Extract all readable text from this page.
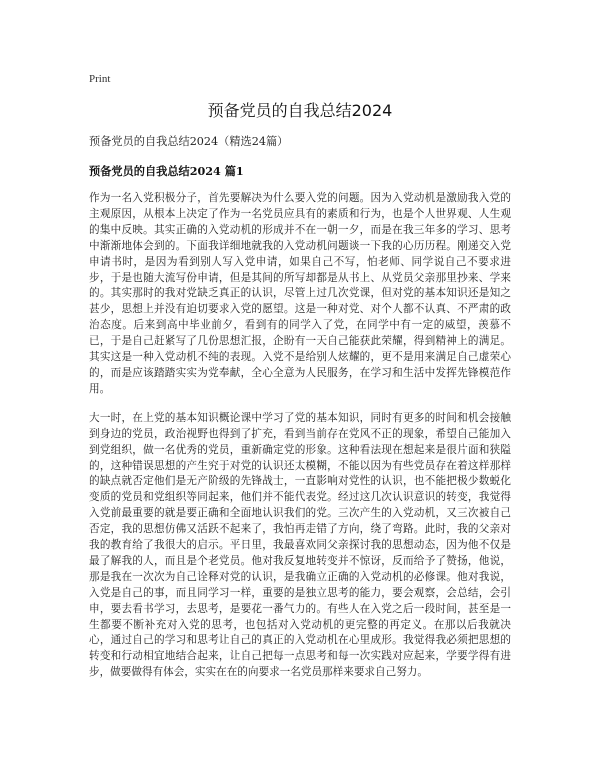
Print
预备党员的自我总结2024
预备党员的自我总结2024（精选24篇）
预备党员的自我总结2024 篇1

作为一名入党积极分子，首先要解决为什么要入党的问题。因为入党动机是激励我入党的主观原因，从根本上决定了作为一名党员应具有的素质和行为，也是个人世界观、人生观的集中反映。其实正确的入党动机的形成并不在一朝一夕，而是在我三年多的学习、思考中渐渐地体会到的。下面我详细地就我的入党动机问题谈一下我的心历历程。刚递交入党申请书时，是因为看到别人写入党申请，如果自己不写，怕老师、同学说自己不要求进步，于是也随大流写份申请，但是其间的所写却都是从书上、从党员父亲那里抄来、学来的。其实那时的我对党缺乏真正的认识，尽管上过几次党课，但对党的基本知识还是知之甚少，思想上并没有迫切要求入党的愿望。这是一种对党、对个人都不认真、不严肃的政治态度。后来到高中毕业前夕，看到有的同学入了党，在同学中有一定的威望，羡慕不已，于是自己赶紧写了几份思想汇报，企盼有一天自己能获此荣耀，得到精神上的满足。其实这是一种入党动机不纯的表现。入党不是给别人炫耀的，更不是用来满足自己虚荣心的，而是应该踏踏实实为党奉献，全心全意为人民服务，在学习和生活中发挥先锋模范作用。

大一时，在上党的基本知识概论课中学习了党的基本知识，同时有更多的时间和机会接触到身边的党员，政治视野也得到了扩充，看到当前存在党风不正的现象，希望自己能加入到党组织，做一名优秀的党员，重新确定党的形象。这种看法现在想起来是很片面和狭隘的，这种错误思想的产生究于对党的认识还太模糊，不能以因为有些党员存在着这样那样的缺点就否定他们是无产阶级的先锋战士，一直影响对党性的认识，也不能把极少数蜕化变质的党员和党组织等同起来，他们并不能代表党。经过这几次认识意识的转变，我觉得入党前最重要的就是要正确和全面地认识我们的党。三次产生的入党动机，又三次被自己否定，我的思想仿佛又活跃不起来了，我怕再走错了方向，绕了弯路。此时，我的父亲对我的教育给了我很大的启示。平日里，我最喜欢同父亲探讨我的思想动态，因为他不仅是最了解我的人，而且是个老党员。他对我反复地转变并不惊讶，反而给予了赞扬，他说，那是我在一次次为自己诠释对党的认识，是我确立正确的入党动机的必修课。他对我说，入党是自己的事，而且同学习一样，重要的是独立思考的能力，要会观察，会总结，会引申，要去看书学习，去思考，是要花一番气力的。有些人在入党之后一段时间，甚至是一生都要不断补充对入党的思考，也包括对入党动机的更完整的再定义。在那以后我就决心，通过自己的学习和思考让自己的真正的入党动机在心里成形。我觉得我必须把思想的转变和行动相宜地结合起来，让自己把每一点思考和每一次实践对应起来，学要学得有进步，做要做得有体会，实实在在的向要求一名党员那样来要求自己努力。
